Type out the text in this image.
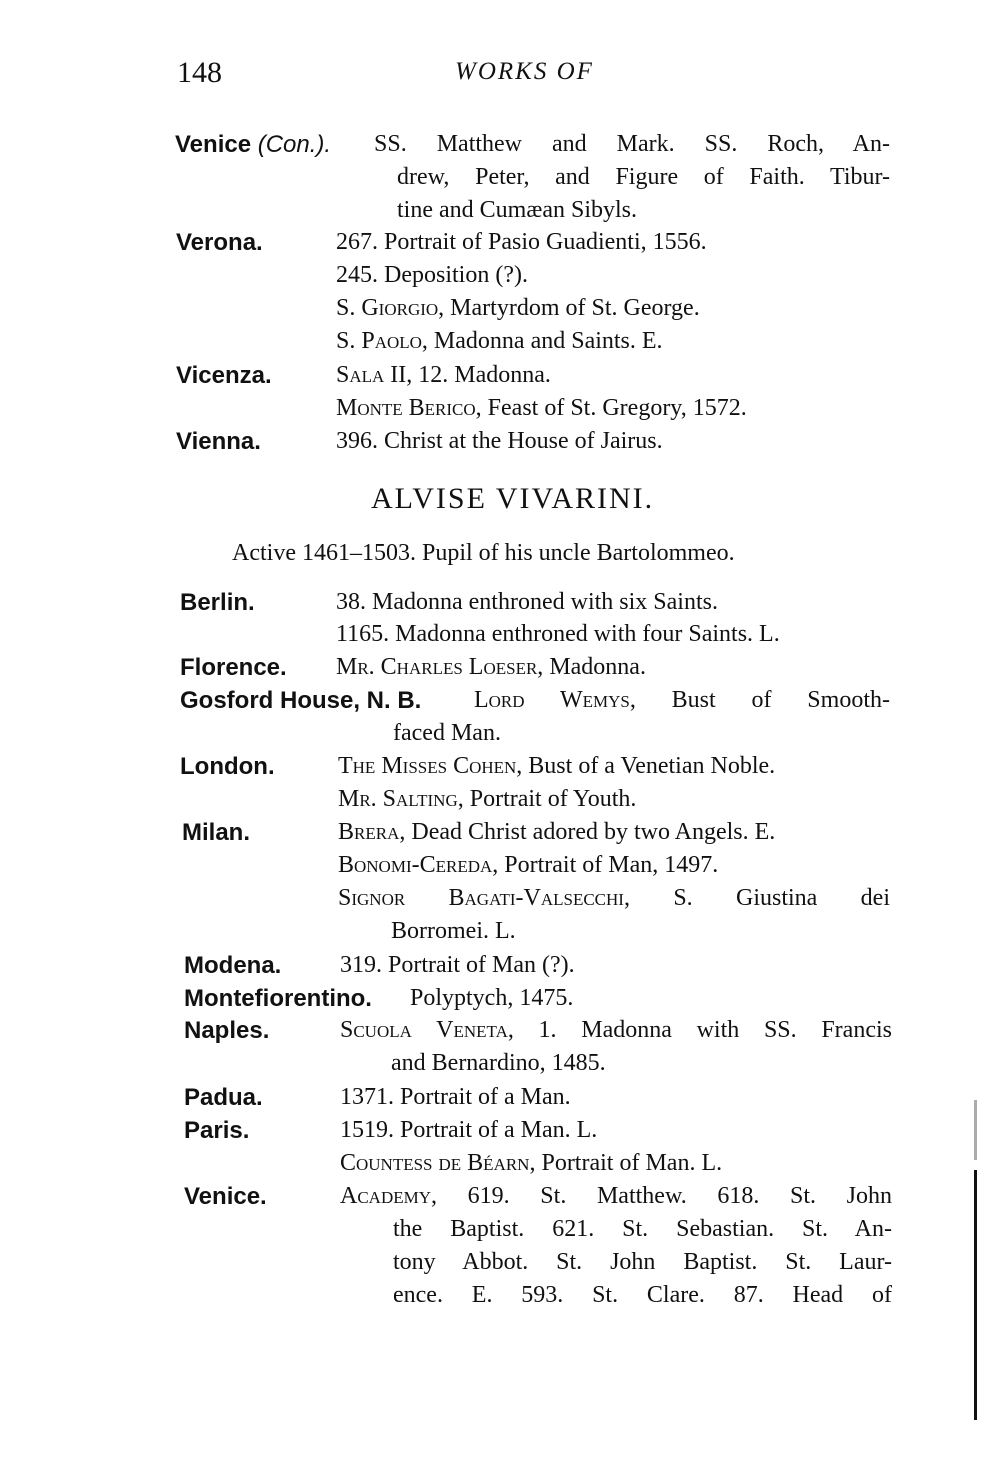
148	WORKS OF
Venice (Con.). SS. Matthew and Mark. SS. Roch, An-
drew, Peter, and Figure of Faith. Tibur-
tine and Cumæan Sibyls.
Verona.	267. Portrait of Pasio Guadienti, 1556.
245. Deposition (?).
S. Giorgio, Martyrdom of St. George.
S. Paolo, Madonna and Saints. E.
Vicenza.	Sala II, 12. Madonna.
Monte Berico, Feast of St. Gregory, 1572.
Vienna.	396. Christ at the House of Jairus.
ALVISE VIVARINI.
Active 1461–1503. Pupil of his uncle Bartolommeo.
Berlin.	38. Madonna enthroned with six Saints.
1165. Madonna enthroned with four Saints. L.
Florence. Mr. Charles Loeser, Madonna.
Gosford House, N. B. Lord Wemys, Bust of Smooth-
faced Man.
London.	The Misses Cohen, Bust of a Venetian Noble.
Mr. Salting, Portrait of Youth.
Milan.	Brera, Dead Christ adored by two Angels. E.
Bonomi-Cereda, Portrait of Man, 1497.
Signor Bagati-Valsecchi, S. Giustina dei
Borromei. L.
Modena. 319. Portrait of Man (?).
Montefiorentino. Polyptych, 1475.
Naples.	Scuola Veneta, 1. Madonna with SS. Francis
and Bernardino, 1485.
Padua.	1371. Portrait of a Man.
Paris.	1519. Portrait of a Man. L.
Countess de Béarn, Portrait of Man. L.
Venice.	Academy, 619. St. Matthew. 618. St. John
the Baptist. 621. St. Sebastian. St. An-
tony Abbot. St. John Baptist. St. Laur-
ence. E. 593. St. Clare. 87. Head of
